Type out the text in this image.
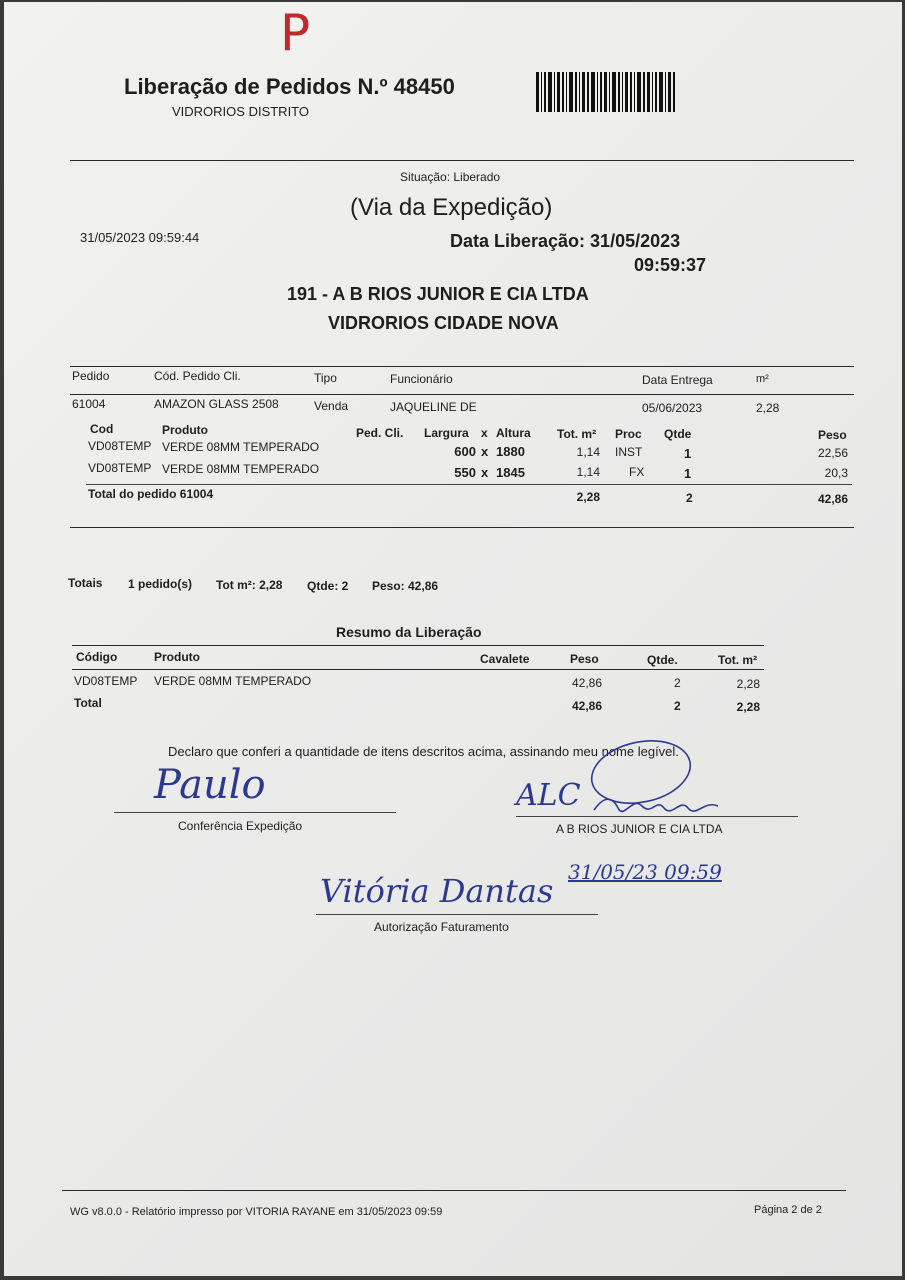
P
Liberação de Pedidos N.º 48450
VIDRORIOS DISTRITO
Situação: Liberado
(Via da Expedição)
31/05/2023 09:59:44	Data Liberação: 31/05/2023
09:59:37
191 - A B RIOS JUNIOR E CIA LTDA
VIDRORIOS CIDADE NOVA
Pedido	Cód. Pedido Cli.	Tipo	Funcionário	Data Entrega	m²
61004	AMAZON GLASS 2508	Venda	JAQUELINE DE	05/06/2023	2,28
Cod	Produto	Ped. Cli. Largura x Altura Tot. m² Proc Qtde	Peso
VD08TEMP VERDE 08MM TEMPERADO	600 x 1880	1,14 INST	1	22,56
VD08TEMP VERDE 08MM TEMPERADO	550 x 1845	1,14 FX	1	20,3
Total do pedido 61004	2,28	2	42,86
Totais 1 pedido(s) Tot m²: 2,28 Qtde: 2 Peso: 42,86
Resumo da Liberação
Código	Produto	Cavalete	Peso	Qtde.	Tot. m²
VD08TEMP VERDE 08MM TEMPERADO	42,86	2	2,28
Total	42,86	2	2,28
Declaro que conferi a quantidade de itens descritos acima, assinando meu nome legível.
Paulo
Conferência Expedição
ALC
A B RIOS JUNIOR E CIA LTDA
31/05/23 09:59
Vitória Dantas
Autorização Faturamento
WG v8.0.0 - Relatório impresso por VITORIA RAYANE em 31/05/2023 09:59	Página 2 de 2
